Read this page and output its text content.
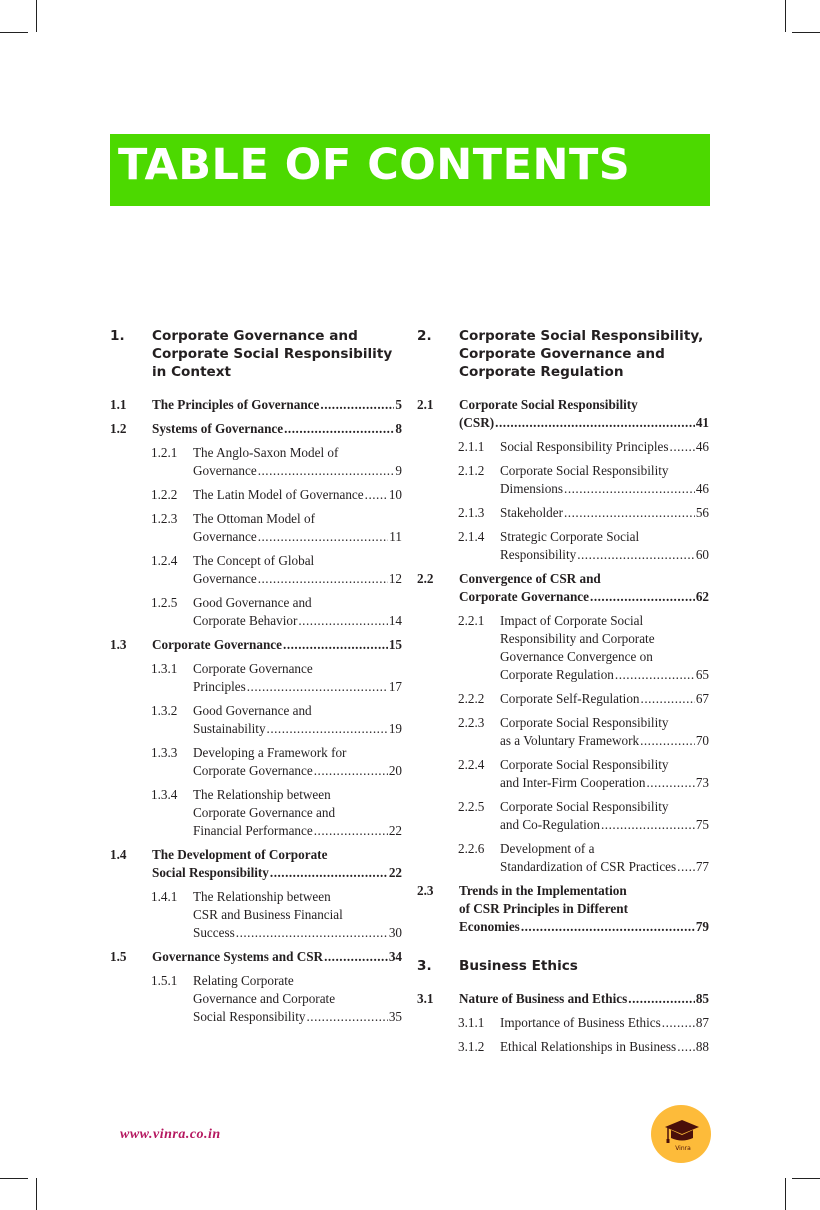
TABLE OF CONTENTS
1. Corporate Governance and
Corporate Social Responsibility
in Context
1.1 The Principles of Governance .....	5
1.2 Systems of Governance .....	8
1.2.1 The Anglo-Saxon Model of
Governance .....	9
1.2.2 The Latin Model of Governance ..... 10
1.2.3 The Ottoman Model of
Governance .....	11
1.2.4 The Concept of Global
Governance .....	12
1.2.5 Good Governance and
Corporate Behavior .....	14
1.3 Corporate Governance .....	15
1.3.1 Corporate Governance
Principles .....	17
1.3.2 Good Governance and
Sustainability .....	19
1.3.3 Developing a Framework for
Corporate Governance .....	20
1.3.4 The Relationship between
Corporate Governance and
Financial Performance .....	22
1.4 The Development of Corporate
Social Responsibility .....	22
1.4.1 The Relationship between
CSR and Business Financial
Success .....	30
1.5 Governance Systems and CSR .....	34
1.5.1 Relating Corporate
Governance and Corporate
Social Responsibility .....	35
2. Corporate Social Responsibility,
Corporate Governance and
Corporate Regulation
2.1 Corporate Social Responsibility
(CSR) .....	41
2.1.1 Social Responsibility Principles ..... 46
2.1.2 Corporate Social Responsibility
Dimensions .....	46
2.1.3 Stakeholder .....	56
2.1.4 Strategic Corporate Social
Responsibility .....	60
2.2 Convergence of CSR and
Corporate Governance .....	62
2.2.1 Impact of Corporate Social
Responsibility and Corporate
Governance Convergence on
Corporate Regulation .....	65
2.2.2 Corporate Self-Regulation .....	67
2.2.3 Corporate Social Responsibility
as a Voluntary Framework .....	70
2.2.4 Corporate Social Responsibility
and Inter-Firm Cooperation .....	73
2.2.5 Corporate Social Responsibility
and Co-Regulation .....	75
2.2.6 Development of a
Standardization of CSR Practices ..... 77
2.3 Trends in the Implementation
of CSR Principles in Different
Economies .....	79
3. Business Ethics
3.1 Nature of Business and Ethics .....	85
3.1.1 Importance of Business Ethics .....	87
3.1.2 Ethical Relationships in Business ..... 88
www.vinra.co.in
Vinra
